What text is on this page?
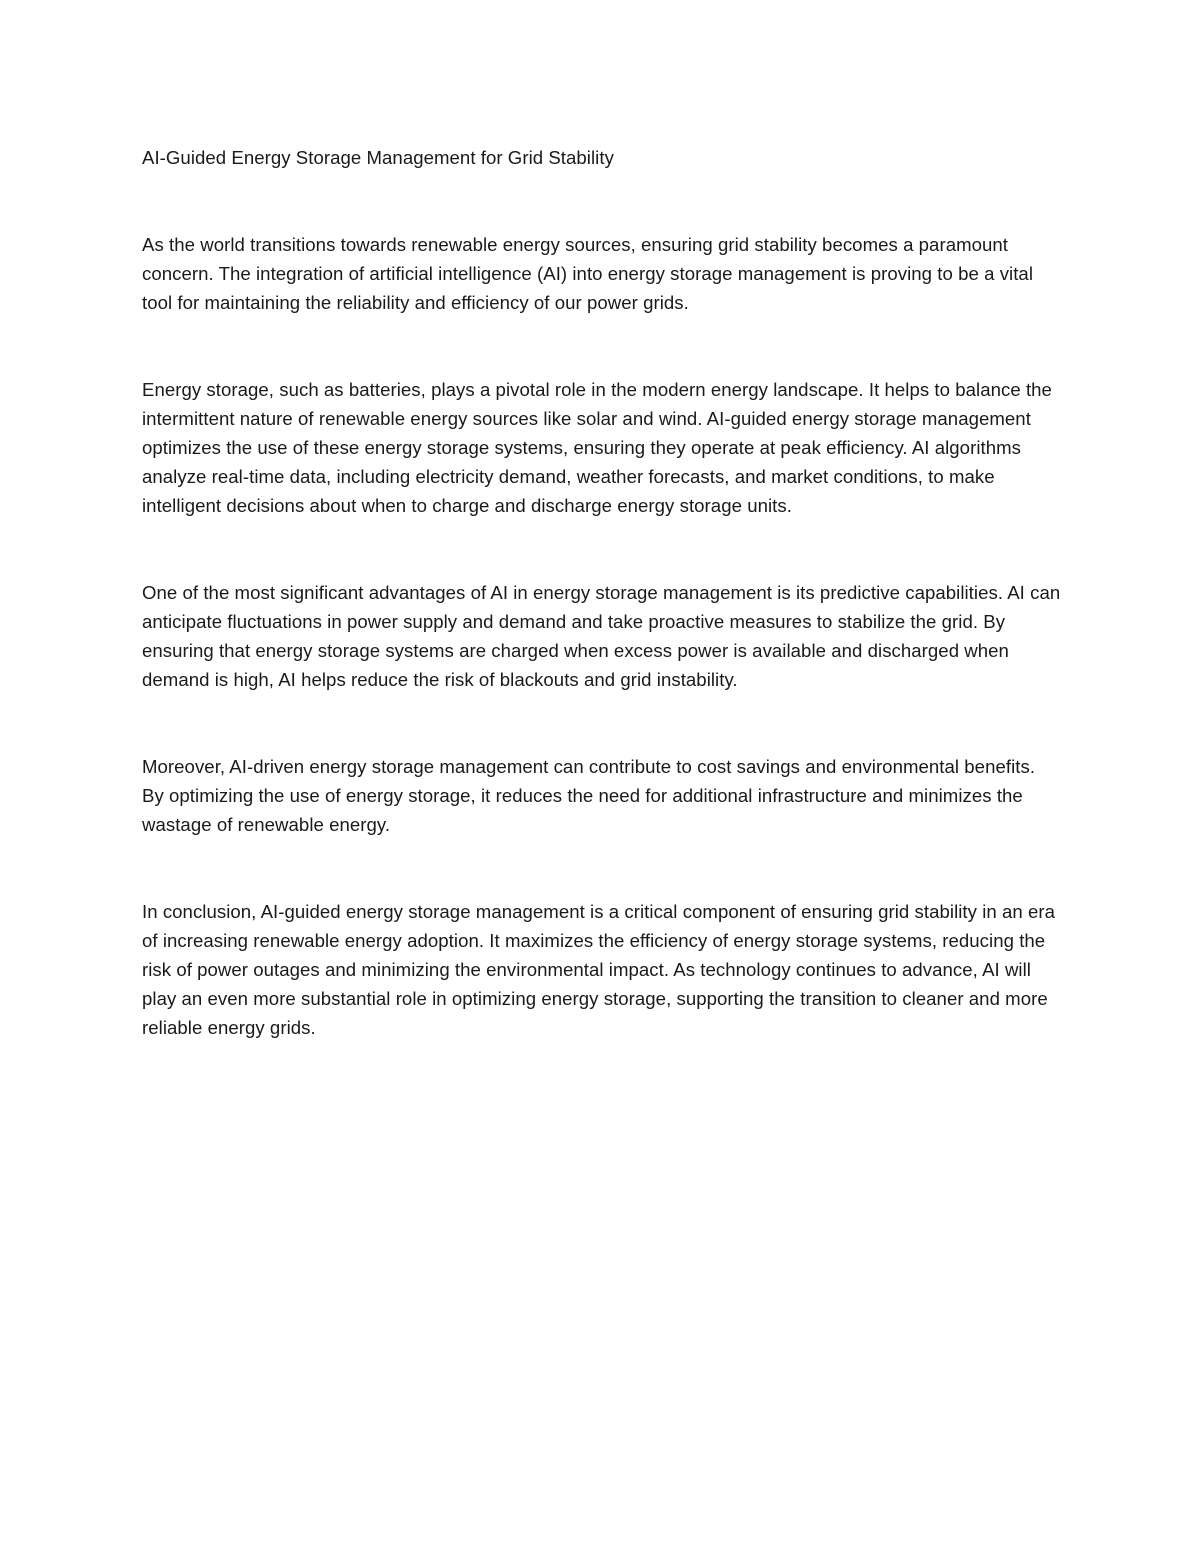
AI-Guided Energy Storage Management for Grid Stability

As the world transitions towards renewable energy sources, ensuring grid stability becomes a paramount concern. The integration of artificial intelligence (AI) into energy storage management is proving to be a vital tool for maintaining the reliability and efficiency of our power grids.

Energy storage, such as batteries, plays a pivotal role in the modern energy landscape. It helps to balance the intermittent nature of renewable energy sources like solar and wind. AI-guided energy storage management optimizes the use of these energy storage systems, ensuring they operate at peak efficiency. AI algorithms analyze real-time data, including electricity demand, weather forecasts, and market conditions, to make intelligent decisions about when to charge and discharge energy storage units.

One of the most significant advantages of AI in energy storage management is its predictive capabilities. AI can anticipate fluctuations in power supply and demand and take proactive measures to stabilize the grid. By ensuring that energy storage systems are charged when excess power is available and discharged when demand is high, AI helps reduce the risk of blackouts and grid instability.

Moreover, AI-driven energy storage management can contribute to cost savings and environmental benefits. By optimizing the use of energy storage, it reduces the need for additional infrastructure and minimizes the wastage of renewable energy.

In conclusion, AI-guided energy storage management is a critical component of ensuring grid stability in an era of increasing renewable energy adoption. It maximizes the efficiency of energy storage systems, reducing the risk of power outages and minimizing the environmental impact. As technology continues to advance, AI will play an even more substantial role in optimizing energy storage, supporting the transition to cleaner and more reliable energy grids.
